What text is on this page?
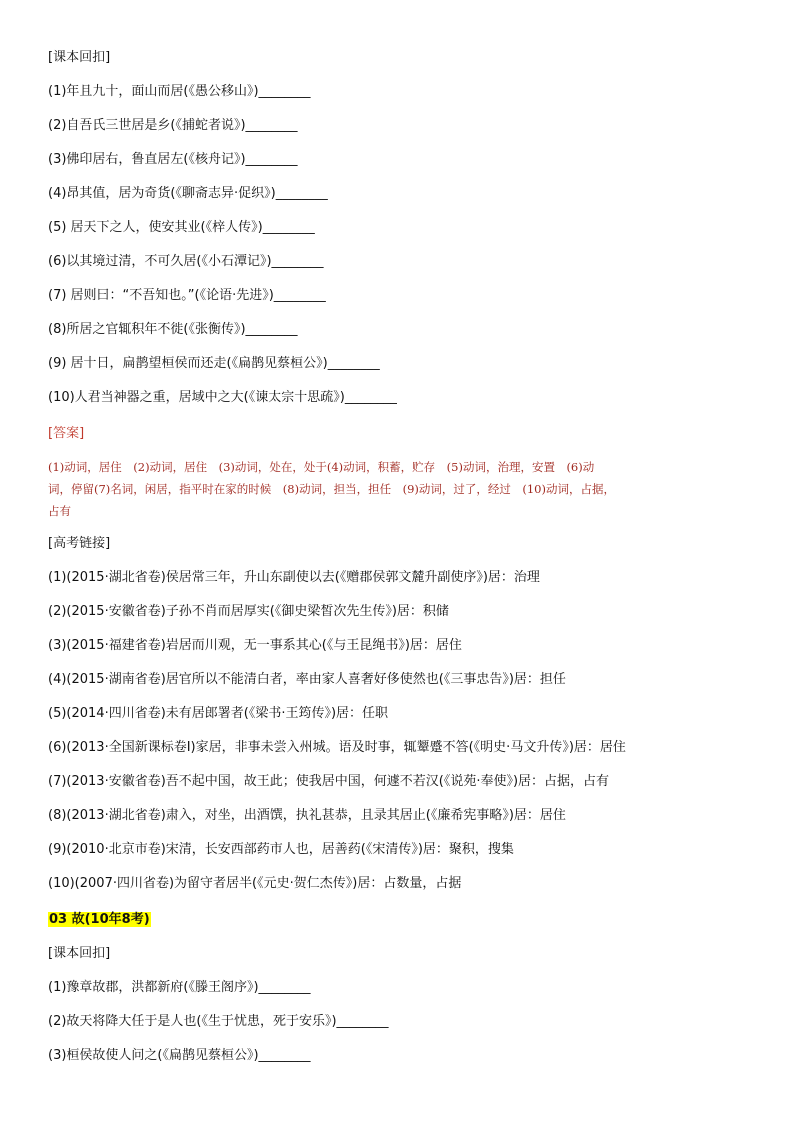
[课本回扣]
(1)年且九十，面山而居(《愚公移山》)________
(2)自吾氏三世居是乡(《捕蛇者说》)________
(3)佛印居右，鲁直居左(《核舟记》)________
(4)昂其值，居为奇货(《聊斋志异·促织》)________
(5) 居天下之人，使安其业(《梓人传》)________
(6)以其境过清，不可久居(《小石潭记》)________
(7) 居则曰：“不吾知也。”(《论语·先进》)________
(8)所居之官辄积年不徙(《张衡传》)________
(9) 居十日，扁鹊望桓侯而还走(《扁鹊见蔡桓公》)________
(10)人君当神器之重，居域中之大(《谏太宗十思疏》)________
[答案]
(1)动词，居住　(2)动词，居住　(3)动词，处在，处于(4)动词，积蓄，贮存　(5)动词，治理，安置　(6)动
词，停留(7)名词，闲居，指平时在家的时候　(8)动词，担当，担任　(9)动词，过了，经过　(10)动词，占据，
占有
[高考链接]
(1)(2015·湖北省卷)侯居常三年，升山东副使以去(《赠郡侯郭文麓升副使序》)居：治理
(2)(2015·安徽省卷)子孙不肖而居厚实(《御史梁皙次先生传》)居：积储
(3)(2015·福建省卷)岩居而川观，无一事系其心(《与王昆绳书》)居：居住
(4)(2015·湖南省卷)居官所以不能清白者，率由家人喜奢好侈使然也(《三事忠告》)居：担任
(5)(2014·四川省卷)未有居郎署者(《梁书·王筠传》)居：任职
(6)(2013·全国新课标卷Ⅰ)家居，非事未尝入州城。语及时事，辄颦蹙不答(《明史·马文升传》)居：居住
(7)(2013·安徽省卷)吾不起中国，故王此；使我居中国，何遽不若汉(《说苑·奉使》)居：占据，占有
(8)(2013·湖北省卷)肃入，对坐，出酒馔，执礼甚恭，且录其居止(《廉希宪事略》)居：居住
(9)(2010·北京市卷)宋清，长安西部药市人也，居善药(《宋清传》)居：聚积，搜集
(10)(2007·四川省卷)为留守者居半(《元史·贺仁杰传》)居：占数量，占据
03 故(10年8考)
[课本回扣]
(1)豫章故郡，洪都新府(《滕王阁序》)________
(2)故天将降大任于是人也(《生于忧患，死于安乐》)________
(3)桓侯故使人问之(《扁鹊见蔡桓公》)________
